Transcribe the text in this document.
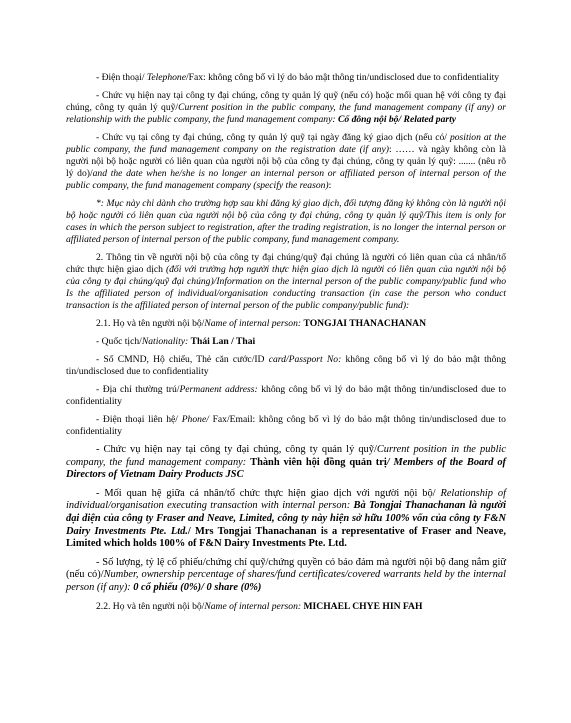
- Điện thoại/ Telephone/Fax: không công bố vì lý do bảo mật thông tin/undisclosed due to confidentiality

- Chức vụ hiện nay tại công ty đại chúng, công ty quản lý quỹ (nếu có) hoặc mối quan hệ với công ty đại chúng, công ty quản lý quỹ/Current position in the public company, the fund management company (if any) or relationship with the public company, the fund management company: Cổ đông nội bộ/ Related party

- Chức vụ tại công ty đại chúng, công ty quản lý quỹ tại ngày đăng ký giao dịch (nếu có/ position at the public company, the fund management company on the registration date (if any): …… và ngày không còn là người nội bộ hoặc người có liên quan của người nội bộ của công ty đại chúng, công ty quản lý quỹ: ....... (nêu rõ lý do)/and the date when he/she is no longer an internal person or affiliated person of internal person of the public company, the fund management company (specify the reason):

*: Mục này chỉ dành cho trường hợp sau khi đăng ký giao dịch, đối tượng đăng ký không còn là người nội bộ hoặc người có liên quan của người nội bộ của công ty đại chúng, công ty quản lý quỹ/This item is only for cases in which the person subject to registration, after the trading registration, is no longer the internal person or affiliated person of internal person of the public company, fund management company.

2. Thông tin về người nội bộ của công ty đại chúng/quỹ đại chúng là người có liên quan của cá nhân/tổ chức thực hiện giao dịch (đối với trường hợp người thực hiện giao dịch là người có liên quan của người nội bộ của công ty đại chúng/quỹ đại chúng)/Information on the internal person of the public company/public fund who Is the affiliated person of individual/organisation conducting transaction (in case the person who conduct transaction is the affiliated person of internal person of the public company/public fund):

2.1. Họ và tên người nội bộ/Name of internal person: TONGJAI THANACHANAN

- Quốc tịch/Nationality: Thái Lan / Thai

- Số CMND, Hộ chiếu, Thẻ căn cước/ID card/Passport No: không công bố vì lý do bảo mật thông tin/undisclosed due to confidentiality

- Địa chỉ thường trú/Permanent address: không công bố vì lý do bảo mật thông tin/undisclosed due to confidentiality

- Điện thoại liên hệ/ Phone/ Fax/Email: không công bố vì lý do bảo mật thông tin/undisclosed due to confidentiality

- Chức vụ hiện nay tại công ty đại chúng, công ty quản lý quỹ/Current position in the public company, the fund management company: Thành viên hội đồng quản trị/ Members of the Board of Directors of Vietnam Dairy Products JSC

- Mối quan hệ giữa cá nhân/tổ chức thực hiện giao dịch với người nội bộ/ Relationship of individual/organisation executing transaction with internal person: Bà Tongjai Thanachanan là người đại diện của công ty Fraser and Neave, Limited, công ty này hiện sở hữu 100% vốn của công ty F&N Dairy Investments Pte. Ltd./ Mrs Tongjai Thanachanan is a representative of Fraser and Neave, Limited which holds 100% of F&N Dairy Investments Pte. Ltd.

- Số lượng, tỷ lệ cổ phiếu/chứng chỉ quỹ/chứng quyền có bảo đảm mà người nội bộ đang nắm giữ (nếu có)/Number, ownership percentage of shares/fund certificates/covered warrants held by the internal person (if any): 0 cổ phiếu (0%)/ 0 share (0%)

2.2. Họ và tên người nội bộ/Name of internal person: MICHAEL CHYE HIN FAH
